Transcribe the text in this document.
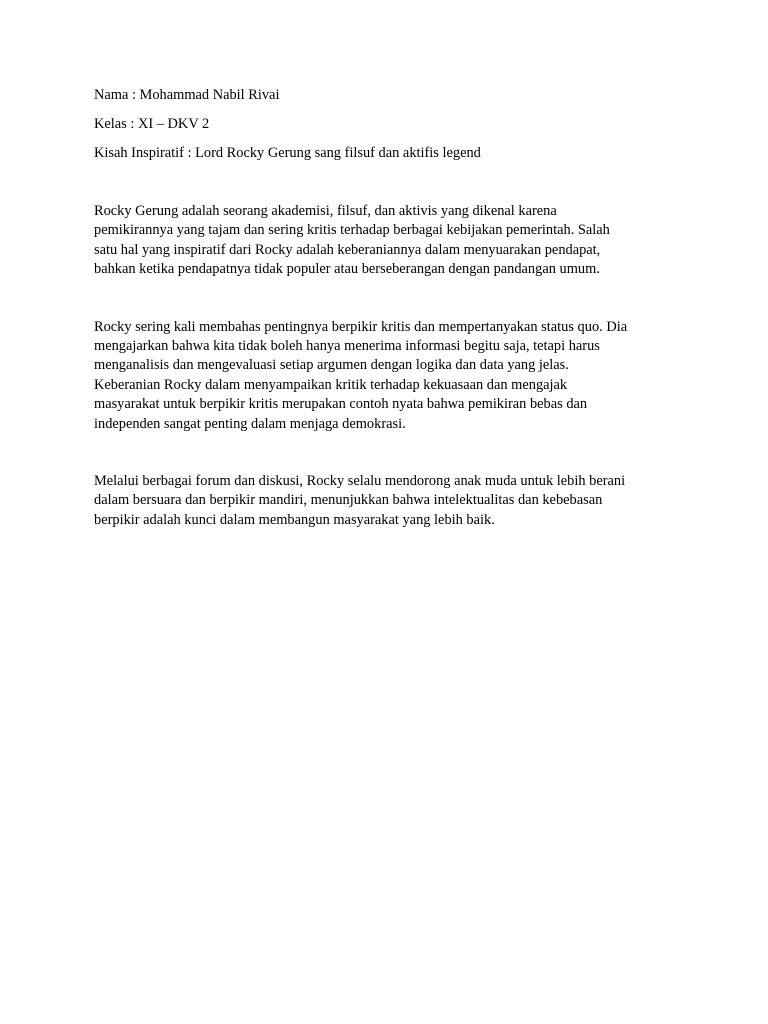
Nama : Mohammad Nabil Rivai

Kelas : XI – DKV 2

Kisah Inspiratif : Lord Rocky Gerung sang filsuf dan aktifis legend

Rocky Gerung adalah seorang akademisi, filsuf, dan aktivis yang dikenal karena
pemikirannya yang tajam dan sering kritis terhadap berbagai kebijakan pemerintah. Salah
satu hal yang inspiratif dari Rocky adalah keberaniannya dalam menyuarakan pendapat,
bahkan ketika pendapatnya tidak populer atau berseberangan dengan pandangan umum.

Rocky sering kali membahas pentingnya berpikir kritis dan mempertanyakan status quo. Dia
mengajarkan bahwa kita tidak boleh hanya menerima informasi begitu saja, tetapi harus
menganalisis dan mengevaluasi setiap argumen dengan logika dan data yang jelas.
Keberanian Rocky dalam menyampaikan kritik terhadap kekuasaan dan mengajak
masyarakat untuk berpikir kritis merupakan contoh nyata bahwa pemikiran bebas dan
independen sangat penting dalam menjaga demokrasi.

Melalui berbagai forum dan diskusi, Rocky selalu mendorong anak muda untuk lebih berani
dalam bersuara dan berpikir mandiri, menunjukkan bahwa intelektualitas dan kebebasan
berpikir adalah kunci dalam membangun masyarakat yang lebih baik.
